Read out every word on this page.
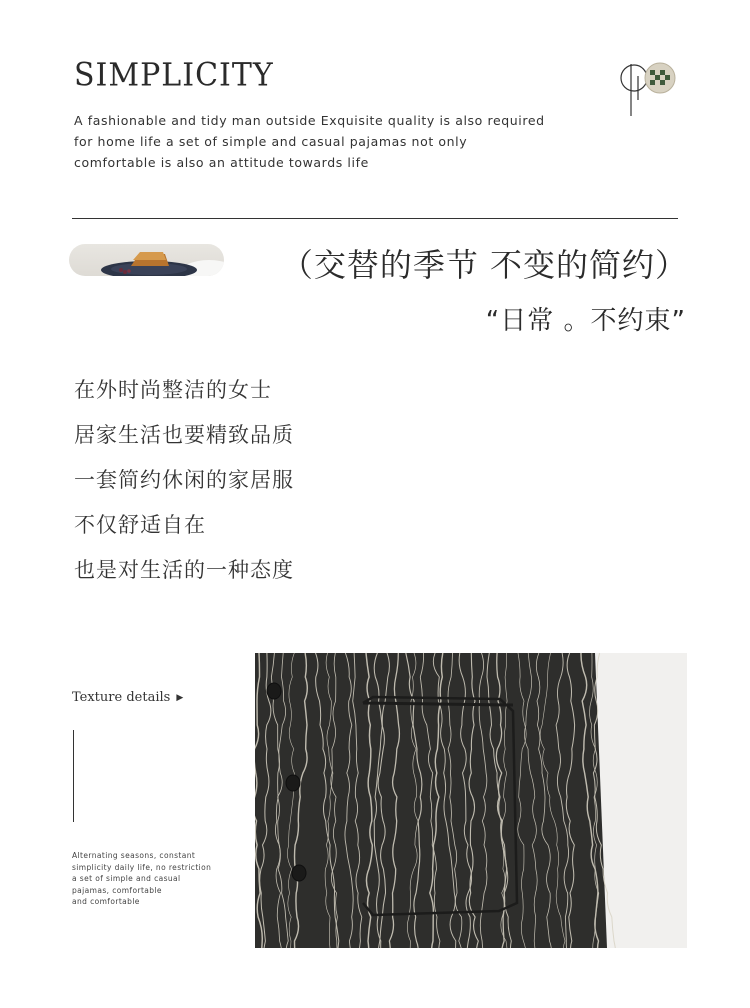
SIMPLICITY
A fashionable and tidy man outside Exquisite quality is also required
for home life a set of simple and casual pajamas not only
comfortable is also an attitude towards life
（交替的季节 不变的简约）
“日常 。不约束”
在外时尚整洁的女士
居家生活也要精致品质
一套简约休闲的家居服
不仅舒适自在
也是对生活的一种态度
Texture details ▶
Alternating seasons, constant
simplicity daily life, no restriction
a set of simple and casual
pajamas, comfortable
and comfortable
